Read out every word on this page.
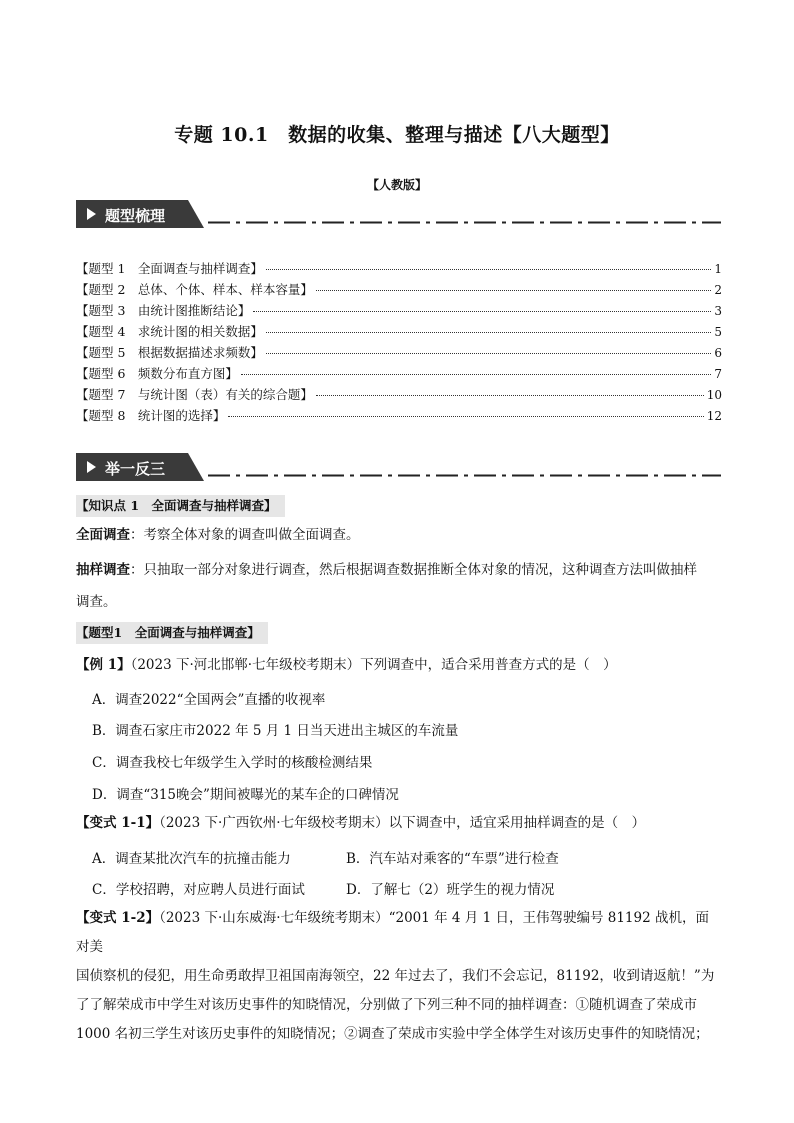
专题 10.1　数据的收集、整理与描述【八大题型】
【人教版】
题型梳理
【题型 1　全面调查与抽样调查】	1
【题型 2　总体、个体、样本、样本容量】	2
【题型 3　由统计图推断结论】	3
【题型 4　求统计图的相关数据】	5
【题型 5　根据数据描述求频数】	6
【题型 6　频数分布直方图】	7
【题型 7　与统计图（表）有关的综合题】	10
【题型 8　统计图的选择】	12
举一反三
【知识点 1　全面调查与抽样调查】
全面调查：考察全体对象的调查叫做全面调查。
抽样调查：只抽取一部分对象进行调查，然后根据调查数据推断全体对象的情况，这种调查方法叫做抽样
调查。
【题型1　全面调查与抽样调查】
【例 1】（2023 下·河北邯郸·七年级校考期末）下列调查中，适合采用普查方式的是（　）
A．调查2022“全国两会”直播的收视率
B．调查石家庄市2022 年 5 月 1 日当天进出主城区的车流量
C．调查我校七年级学生入学时的核酸检测结果
D．调查“315晚会”期间被曝光的某车企的口碑情况
【变式 1-1】（2023 下·广西钦州·七年级校考期末）以下调查中，适宜采用抽样调查的是（　）
A．调查某批次汽车的抗撞击能力	B．汽车站对乘客的“车票”进行检查
C．学校招聘，对应聘人员进行面试	D．了解七（2）班学生的视力情况
【变式 1-2】（2023 下·山东威海·七年级统考期末）“2001 年 4 月 1 日，王伟驾驶编号 81192 战机，面对美
国侦察机的侵犯，用生命勇敢捍卫祖国南海领空，22 年过去了，我们不会忘记，81192，收到请返航！”为
了了解荣成市中学生对该历史事件的知晓情况，分别做了下列三种不同的抽样调查：①随机调查了荣成市
1000 名初三学生对该历史事件的知晓情况；②调查了荣成市实验中学全体学生对该历史事件的知晓情况；
